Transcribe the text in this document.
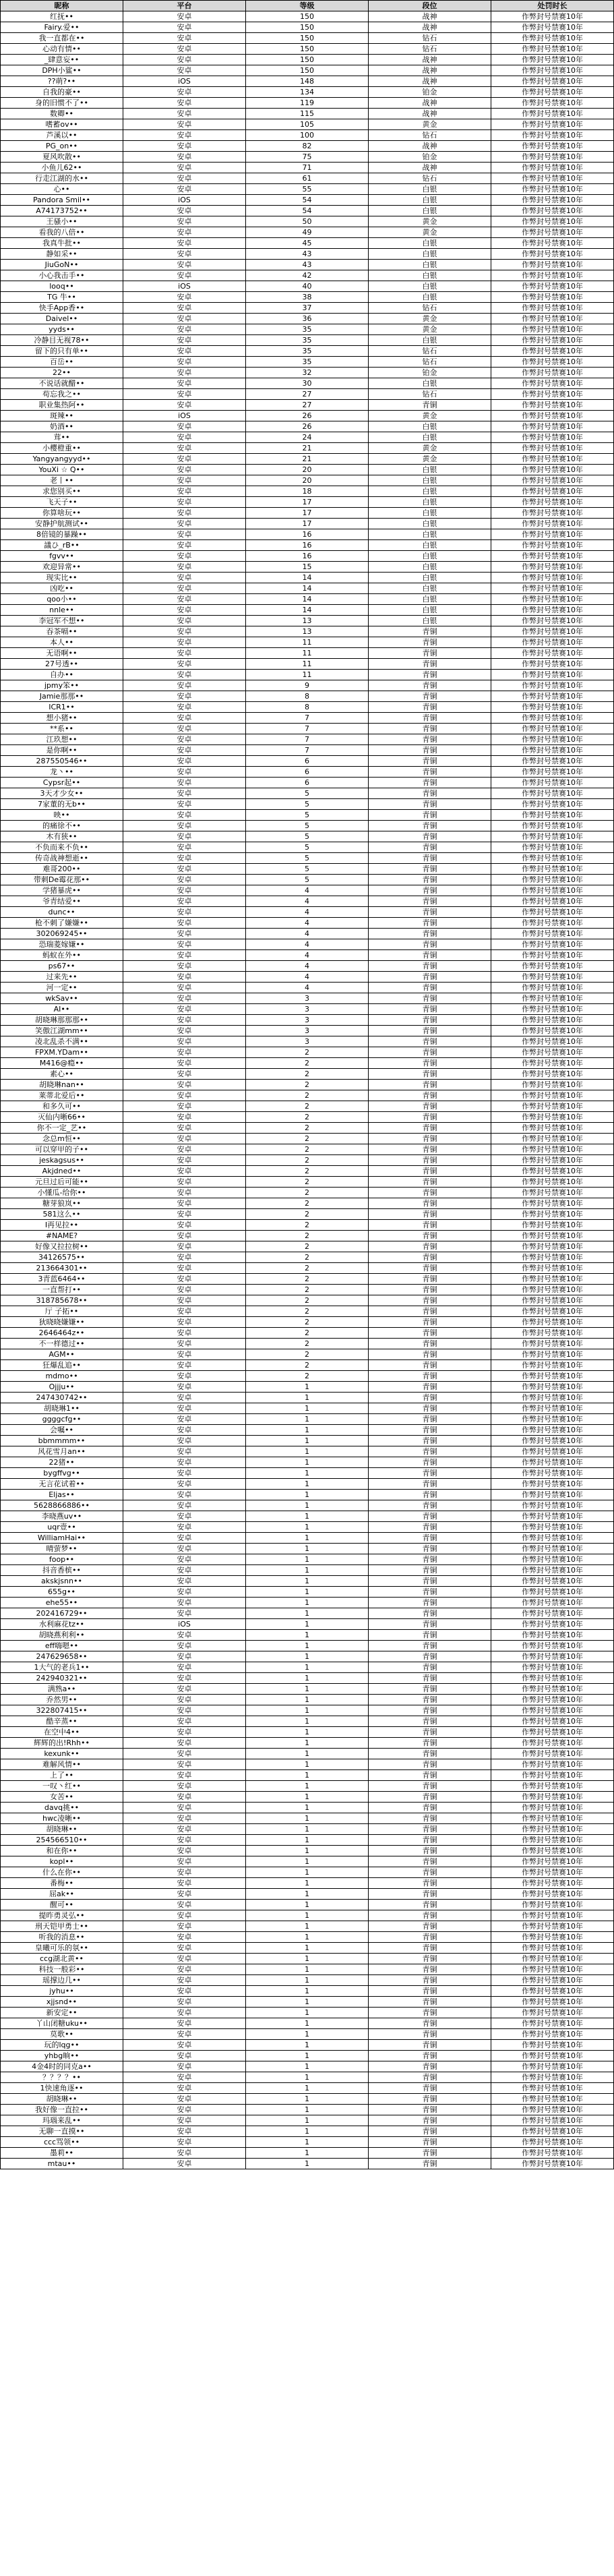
昵称	平台	等级	段位	处罚时长
红抚••	安卓	150	战神	作弊封号禁赛10年
Fairy.爱••	安卓	150	战神	作弊封号禁赛10年
我一直都在••	安卓	150	钻石	作弊封号禁赛10年
心动有情••	安卓	150	钻石	作弊封号禁赛10年
_肆意妄••	安卓	150	战神	作弊封号禁赛10年
DPH小鲨••	安卓	150	战神	作弊封号禁赛10年
??萌?••	iOS	148	战神	作弊封号禁赛10年
自我的豪••	安卓	134	铂金	作弊封号禁赛10年
身的旧惯不了••	安卓	119	战神	作弊封号禁赛10年
数卿••	安卓	115	战神	作弊封号禁赛10年
嗜蓄ov••	安卓	105	黄金	作弊封号禁赛10年
芦溪以••	安卓	100	钻石	作弊封号禁赛10年
PG_on••	安卓	82	战神	作弊封号禁赛10年
夏风吹散••	安卓	75	铂金	作弊封号禁赛10年
小鱼儿62••	安卓	71	战神	作弊封号禁赛10年
行走江湖的水••	安卓	61	钻石	作弊封号禁赛10年
心••	安卓	55	白银	作弊封号禁赛10年
Pandora Smil••	iOS	54	白银	作弊封号禁赛10年
A74173752••	安卓	54	白银	作弊封号禁赛10年
王骚小••	安卓	50	黄金	作弊封号禁赛10年
看我的八倍••	安卓	49	黄金	作弊封号禁赛10年
我真牛批••	安卓	45	白银	作弊封号禁赛10年
静如采••	安卓	43	白银	作弊封号禁赛10年
JiuGoN••	安卓	43	白银	作弊封号禁赛10年
小心我击手••	安卓	42	白银	作弊封号禁赛10年
looq••	iOS	40	白银	作弊封号禁赛10年
TG 牛••	安卓	38	白银	作弊封号禁赛10年
快手App香••	安卓	37	钻石	作弊封号禁赛10年
Daivel••	安卓	36	黄金	作弊封号禁赛10年
yyds••	安卓	35	黄金	作弊封号禁赛10年
冷静目无视78••	安卓	35	白银	作弊封号禁赛10年
留下的只有单••	安卓	35	钻石	作弊封号禁赛10年
百岳••	安卓	35	钻石	作弊封号禁赛10年
22••	安卓	32	铂金	作弊封号禁赛10年
不说话就醋••	安卓	30	白银	作弊封号禁赛10年
苟忘我之••	安卓	27	钻石	作弊封号禁赛10年
职业集热阿••	安卓	27	青铜	作弊封号禁赛10年
斑辣••	iOS	26	黄金	作弊封号禁赛10年
奶酒••	安卓	26	白银	作弊封号禁赛10年
茸••	安卓	24	白银	作弊封号禁赛10年
小樱橙重••	安卓	21	黄金	作弊封号禁赛10年
Yangyangyyd••	安卓	21	黄金	作弊封号禁赛10年
YouXi ☆ Q••	安卓	20	白银	作弊封号禁赛10年
老丨••	安卓	20	白银	作弊封号禁赛10年
求您别买••	安卓	18	白银	作弊封号禁赛10年
飞天子••	安卓	17	白银	作弊封号禁赛10年
你算啥玩••	安卓	17	白银	作弊封号禁赛10年
安静护航测试••	安卓	17	白银	作弊封号禁赛10年
8倍镜的暴躁••	安卓	16	白银	作弊封号禁赛10年
議ひ_rB••	安卓	16	白银	作弊封号禁赛10年
fgvv••	安卓	16	白银	作弊封号禁赛10年
欢迎异常••	安卓	15	白银	作弊封号禁赛10年
现实比••	安卓	14	白银	作弊封号禁赛10年
凶吃••	安卓	14	白银	作弊封号禁赛10年
qoo小••	安卓	14	白银	作弊封号禁赛10年
nnle••	安卓	14	白银	作弊封号禁赛10年
李冠军不想••	安卓	13	白银	作弊封号禁赛10年
吞茶嗝••	安卓	13	青铜	作弊封号禁赛10年
本人••	安卓	11	青铜	作弊封号禁赛10年
无语啊••	安卓	11	青铜	作弊封号禁赛10年
27号透••	安卓	11	青铜	作弊封号禁赛10年
自办••	安卓	11	青铜	作弊封号禁赛10年
jpmy笨••	安卓	9	青铜	作弊封号禁赛10年
Jamie那那••	安卓	8	青铜	作弊封号禁赛10年
ICR1••	安卓	8	青铜	作弊封号禁赛10年
想小猪••	安卓	7	青铜	作弊封号禁赛10年
**系••	安卓	7	青铜	作弊封号禁赛10年
江玖想••	安卓	7	青铜	作弊封号禁赛10年
是你啊••	安卓	7	青铜	作弊封号禁赛10年
287550546••	安卓	6	青铜	作弊封号禁赛10年
龙丶••	安卓	6	青铜	作弊封号禁赛10年
Cypsr起••	安卓	6	青铜	作弊封号禁赛10年
3天才少女••	安卓	5	青铜	作弊封号禁赛10年
7家董的无b••	安卓	5	青铜	作弊封号禁赛10年
映••	安卓	5	青铜	作弊封号禁赛10年
的痛徐不••	安卓	5	青铜	作弊封号禁赛10年
木有狭••	安卓	5	青铜	作弊封号禁赛10年
不负而来不负••	安卓	5	青铜	作弊封号禁赛10年
传奇战神想逝••	安卓	5	青铜	作弊封号禁赛10年
难哥200••	安卓	5	青铜	作弊封号禁赛10年
带刺De霉花那••	安卓	5	青铜	作弊封号禁赛10年
学猪暴虎••	安卓	4	青铜	作弊封号禁赛10年
爷青结爱••	安卓	4	青铜	作弊封号禁赛10年
dunc••	安卓	4	青铜	作弊封号禁赛10年
枪不刺了嫌嫌••	安卓	4	青铜	作弊封号禁赛10年
302069245••	安卓	4	青铜	作弊封号禁赛10年
恐瑞菱嫁嫌••	安卓	4	青铜	作弊封号禁赛10年
蚂蚁在外••	安卓	4	青铜	作弊封号禁赛10年
ps67••	安卓	4	青铜	作弊封号禁赛10年
过来先••	安卓	4	青铜	作弊封号禁赛10年
河一定••	安卓	4	青铜	作弊封号禁赛10年
wkSav••	安卓	3	青铜	作弊封号禁赛10年
AI••	安卓	3	青铜	作弊封号禁赛10年
胡晓琳那那那••	安卓	3	青铜	作弊封号禁赛10年
笑傲江湖mm••	安卓	3	青铜	作弊封号禁赛10年
凌北乱杀不满••	安卓	3	青铜	作弊封号禁赛10年
FPXM.YDam••	安卓	2	青铜	作弊封号禁赛10年
M416@瘾••	安卓	2	青铜	作弊封号禁赛10年
素心••	安卓	2	青铜	作弊封号禁赛10年
胡晓琳nan••	安卓	2	青铜	作弊封号禁赛10年
莱蒂北爱后••	安卓	2	青铜	作弊封号禁赛10年
和多久可••	安卓	2	青铜	作弊封号禁赛10年
灭仙内晰66••	安卓	2	青铜	作弊封号禁赛10年
你不一定_艺••	安卓	2	青铜	作弊封号禁赛10年
念总m恒••	安卓	2	青铜	作弊封号禁赛10年
可以穿甲的子••	安卓	2	青铜	作弊封号禁赛10年
jeskagsus••	安卓	2	青铜	作弊封号禁赛10年
Akjdned••	安卓	2	青铜	作弊封号禁赛10年
元旦过后可能••	安卓	2	青铜	作弊封号禁赛10年
小懂瓜-给你••	安卓	2	青铜	作弊封号禁赛10年
糖芽狼岚••	安卓	2	青铜	作弊封号禁赛10年
581这么••	安卓	2	青铜	作弊封号禁赛10年
I再见拉••	安卓	2	青铜	作弊封号禁赛10年
#NAME?	安卓	2	青铜	作弊封号禁赛10年
好像又拉拉树••	安卓	2	青铜	作弊封号禁赛10年
34126575••	安卓	2	青铜	作弊封号禁赛10年
213664301••	安卓	2	青铜	作弊封号禁赛10年
3青蓝6464••	安卓	2	青铜	作弊封号禁赛10年
一直帮打••	安卓	2	青铜	作弊封号禁赛10年
318785678••	安卓	2	青铜	作弊封号禁赛10年
厅 子拓••	安卓	2	青铜	作弊封号禁赛10年
狄晓晓嫌嫌••	安卓	2	青铜	作弊封号禁赛10年
2646464z••	安卓	2	青铜	作弊封号禁赛10年
不一样德过••	安卓	2	青铜	作弊封号禁赛10年
AGM••	安卓	2	青铜	作弊封号禁赛10年
狂爆乱追••	安卓	2	青铜	作弊封号禁赛10年
mdmo••	安卓	2	青铜	作弊封号禁赛10年
Ojjju••	安卓	1	青铜	作弊封号禁赛10年
247430742••	安卓	1	青铜	作弊封号禁赛10年
胡晓琳1••	安卓	1	青铜	作弊封号禁赛10年
ggggcfg••	安卓	1	青铜	作弊封号禁赛10年
会嘱••	安卓	1	青铜	作弊封号禁赛10年
bbmmmm••	安卓	1	青铜	作弊封号禁赛10年
风花雪月an••	安卓	1	青铜	作弊封号禁赛10年
22猪••	安卓	1	青铜	作弊封号禁赛10年
bygffvg••	安卓	1	青铜	作弊封号禁赛10年
无言花试着••	安卓	1	青铜	作弊封号禁赛10年
Eljas••	安卓	1	青铜	作弊封号禁赛10年
5628866886••	安卓	1	青铜	作弊封号禁赛10年
李晓燕uv••	安卓	1	青铜	作弊封号禁赛10年
uqr壹••	安卓	1	青铜	作弊封号禁赛10年
WilliamHai••	安卓	1	青铜	作弊封号禁赛10年
晴萤梦••	安卓	1	青铜	作弊封号禁赛10年
foop••	安卓	1	青铜	作弊封号禁赛10年
抖音香槟••	安卓	1	青铜	作弊封号禁赛10年
akskjsnn••	安卓	1	青铜	作弊封号禁赛10年
655g••	安卓	1	青铜	作弊封号禁赛10年
ehe55••	安卓	1	青铜	作弊封号禁赛10年
202416729••	安卓	1	青铜	作弊封号禁赛10年
水利麻花tz••	iOS	1	青铜	作弊封号禁赛10年
胡晓燕利利••	安卓	1	青铜	作弊封号禁赛10年
eff嗨嗯••	安卓	1	青铜	作弊封号禁赛10年
247629658••	安卓	1	青铜	作弊封号禁赛10年
1大气的老兵1••	安卓	1	青铜	作弊封号禁赛10年
242940321••	安卓	1	青铜	作弊封号禁赛10年
满熟a••	安卓	1	青铜	作弊封号禁赛10年
乔然男••	安卓	1	青铜	作弊封号禁赛10年
322807415••	安卓	1	青铜	作弊封号禁赛10年
酷辛蒸••	安卓	1	青铜	作弊封号禁赛10年
在空中4••	安卓	1	青铜	作弊封号禁赛10年
辉辉的出!Rhh••	安卓	1	青铜	作弊封号禁赛10年
kexunk••	安卓	1	青铜	作弊封号禁赛10年
难解风情••	安卓	1	青铜	作弊封号禁赛10年
上了••	安卓	1	青铜	作弊封号禁赛10年
一叹丶红••	安卓	1	青铜	作弊封号禁赛10年
女苦••	安卓	1	青铜	作弊封号禁赛10年
davq挑••	安卓	1	青铜	作弊封号禁赛10年
hwc凌晰••	安卓	1	青铜	作弊封号禁赛10年
胡晓琳••	安卓	1	青铜	作弊封号禁赛10年
254566510••	安卓	1	青铜	作弊封号禁赛10年
和在你••	安卓	1	青铜	作弊封号禁赛10年
kopl••	安卓	1	青铜	作弊封号禁赛10年
什么在你••	安卓	1	青铜	作弊封号禁赛10年
番梅••	安卓	1	青铜	作弊封号禁赛10年
屈ak••	安卓	1	青铜	作弊封号禁赛10年
醒可••	安卓	1	青铜	作弊封号禁赛10年
提昨勇灵弘••	安卓	1	青铜	作弊封号禁赛10年
刑天铠甲勇士••	安卓	1	青铜	作弊封号禁赛10年
听我的消息••	安卓	1	青铜	作弊封号禁赛10年
皇曦可乐的氛••	安卓	1	青铜	作弊封号禁赛10年
ccg湖北黄••	安卓	1	青铜	作弊封号禁赛10年
科技一般彩••	安卓	1	青铜	作弊封号禁赛10年
瑶撑边几••	安卓	1	青铜	作弊封号禁赛10年
jyhu••	安卓	1	青铜	作弊封号禁赛10年
xjjsnd••	安卓	1	青铜	作弊封号禁赛10年
新安定••	安卓	1	青铜	作弊封号禁赛10年
丫山闭糖uku••	安卓	1	青铜	作弊封号禁赛10年
莫歌••	安卓	1	青铜	作弊封号禁赛10年
玩的lqg••	安卓	1	青铜	作弊封号禁赛10年
yhbg晌••	安卓	1	青铜	作弊封号禁赛10年
4金4时的同克a••	安卓	1	青铜	作弊封号禁赛10年
？？？？••	安卓	1	青铜	作弊封号禁赛10年
1快速角逐••	安卓	1	青铜	作弊封号禁赛10年
胡晓琳••	安卓	1	青铜	作弊封号禁赛10年
我好像一直拉••	安卓	1	青铜	作弊封号禁赛10年
玛瑙来乱••	安卓	1	青铜	作弊封号禁赛10年
无聊一直摸••	安卓	1	青铜	作弊封号禁赛10年
ccc骂领••	安卓	1	青铜	作弊封号禁赛10年
墨莉••	安卓	1	青铜	作弊封号禁赛10年
mtau••	安卓	1	青铜	作弊封号禁赛10年
